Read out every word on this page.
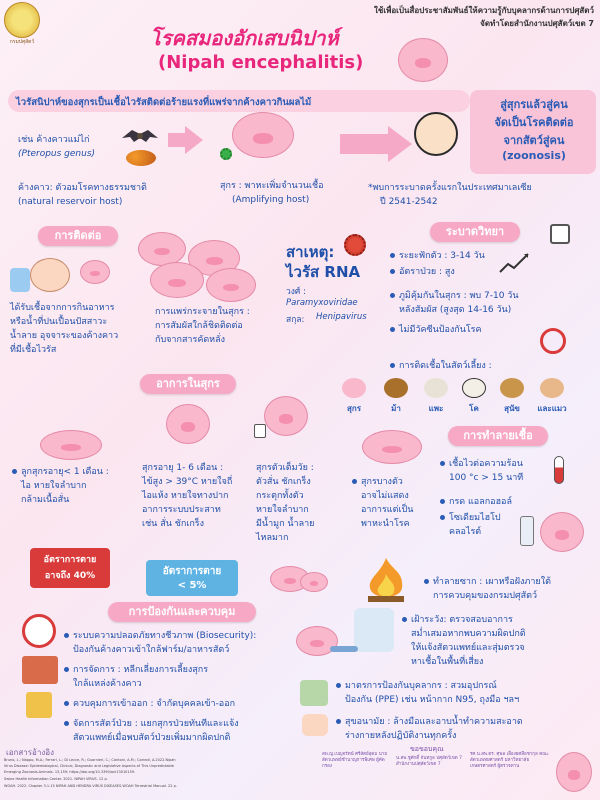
กรมปศุสัตว์
ใช้เพื่อเป็นสื่อประชาสัมพันธ์ให้ความรู้กับบุคลากรด้านการปศุสัตว์
จัดทำโดยสำนักงานปศุสัตว์เขต 7
โรคสมองอักเสบนิปาห์
(Nipah encephalitis)
ไวรัสนิปาห์ของสุกรเป็นเชื้อไวรัสติดต่อร้ายแรงที่แพร่จากค้างคาวกินผลไม้	สู่สุกรแล้วสู่คน
จัดเป็นโรคติดต่อ
จากสัตว์สู่คน
(zoonosis)
เช่น ค้างคาวแม่ไก่
(Pteropus genus)
ค้างคาว: ตัวอมโรคทางธรรมชาติ
(natural reservoir host)
สุกร : พาหะเพิ่มจำนวนเชื้อ
(Amplifying host)
*พบการระบาดครั้งแรกในประเทศมาเลเซีย
ปี 2541-2542
การติดต่อ
ได้รับเชื้อจากการกินอาหาร
หรือน้ำที่ปนเปื้อนปัสสาวะ
น้ำลาย อุจจาระของค้างคาว
ที่มีเชื้อไวรัส
การแพร่กระจายในสุกร :
การสัมผัสใกล้ชิดติดต่อ
กับจากสารคัดหลั่ง
สาเหตุ:
ไวรัส RNA
วงศ์ :
Paramyxoviridae
สกุล: Henipavirus
ระบาดวิทยา
ระยะฟักตัว : 3-14 วัน
อัตราป่วย : สูง
ภูมิคุ้มกันในสุกร : พบ 7-10 วัน
หลังสัมผัส (สูงสุด 14-16 วัน)
ไม่มีวัคซีนป้องกันโรค
การติดเชื้อในสัตว์เลี้ยง :
สุกร	ม้า	แพะ	โค	สุนัข	และแมว
อาการในสุกร
ลูกสุกรอายุ< 1 เดือน :
ไอ หายใจลำบาก
กล้ามเนื้อสั่น
สุกรอายุ 1- 6 เดือน :
ไข้สูง > 39°C หายใจถี่
ไอแห้ง หายใจทางปาก
อาการระบบประสาท
เช่น สั่น ชักเกร็ง
สุกรตัวเต็มวัย :
ตัวสั่น ชักเกร็ง
กระตุกทั้งตัว
หายใจลำบาก
มีน้ำมูก น้ำลาย
ไหลมาก
สุกรบางตัว
อาจไม่แสดง
อาการแต่เป็น
พาหะนำโรค
อัตราการตาย
อาจถึง 40%	อัตราการตาย
< 5%
การทำลายเชื้อ
เชื้อไวต่อความร้อน
100 °c > 15 นาที
กรด แอลกอฮอล์
โซเดียมไฮโป
คลอไรต์
ทำลายซาก : เผาหรือฝังภายใต้
การควบคุมของกรมปศุสัตว์
การป้องกันและควบคุม
ระบบความปลอดภัยทางชีวภาพ (Biosecurity):
ป้องกันค้างคาวเข้าใกล้ฟาร์ม/อาหารสัตว์
การจัดการ : หลีกเลี่ยงการเลี้ยงสุกร
ใกล้แหล่งค้างคาว
ควบคุมการเข้าออก : จำกัดบุคคลเข้า-ออก
จัดการสัตว์ป่วย : แยกสุกรป่วยทันทีและแจ้ง
สัตวแพทย์เมื่อพบสัตว์ป่วยเพิ่มมากผิดปกติ
เฝ้าระวัง: ตรวจสอบอาการ
สม่ำเสมอหากพบความผิดปกติ
ให้แจ้งสัตวแพทย์และสุ่มตรวจ
หาเชื้อในพื้นที่เสี่ยง
มาตรการป้องกันบุคลากร : สวมอุปกรณ์
ป้องกัน (PPE) เช่น หน้ากาก N95, ถุงมือ ฯลฯ
สุขอนามัย : ล้างมือและอาบน้ำทำความสะอาด
ร่างกายหลังปฏิบัติงานทุกครั้ง
เอกสารอ้างอิง
Bruno, L.; Nappo, M.A.; Ferrari, L.; Di Lecce, R.; Guarnieri, C.; Cantoni, A.M.; Corradi, A.2022.Nipah
Virus Disease: Epidemiological, Clinical, Diagnostic and Legislative Aspects of This Unpredictable
Emerging Zoonosis.Animals. 13,159; https://doi.org/10.3390/ani13010159.
Swine Health Information Center. 2021. NIPAH VIRUS. 12 p.
WOAH. 2022. Chapter 3.1.15 NIPAH AND HENDRA VIRUS DISEASES.WOAH Terrestrial Manual. 22 p.
สพ.ญ.เบญจรัตน์ ศรีสัตย์อุดม นายสัตวแพทย์ชำนาญการพิเศษ ผู้คัดกรอง
ขอขอบคุณ
น.สพ.ชูศักดิ์ จันทกูล ปศุสัตว์เขต 7 สำนักงานปศุสัตว์เขต 7
รศ.น.สพ.ดร. ศุพล เลื่องยศลือชากุล คณะสัตวแพทยศาสตร์ มหาวิทยาลัยเกษตรศาสตร์ ผู้ตรวจทาน
